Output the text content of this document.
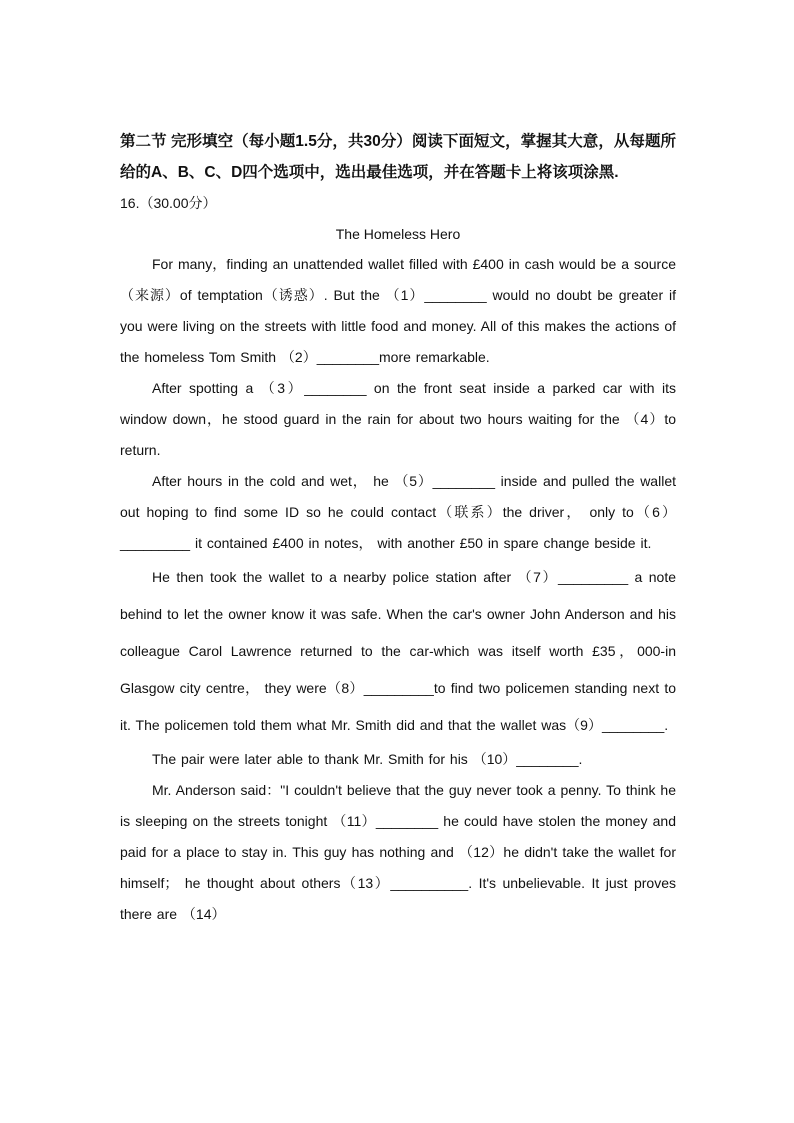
第二节 完形填空（每小题1.5分，共30分）阅读下面短文，掌握其大意，从每题所给的A、B、C、D四个选项中，选出最佳选项，并在答题卡上将该项涂黑.
16.（30.00分）
The Homeless Hero

For many，finding an unattended wallet filled with £400 in cash would be a source（来源）of temptation（诱惑）. But the （1）________ would no doubt be greater if you were living on the streets with little food and money. All of this makes the actions of the homeless Tom Smith （2）________more remarkable.

After spotting a （3）________ on the front seat inside a parked car with its window down，he stood guard in the rain for about two hours waiting for the （4）to return.

After hours in the cold and wet， he （5）________ inside and pulled the wallet out hoping to find some ID so he could contact（联系）the driver， only to（6）_________ it contained £400 in notes， with another £50 in spare change beside it.

He then took the wallet to a nearby police station after （7）_________ a note behind to let the owner know it was safe. When the car's owner John Anderson and his colleague Carol Lawrence returned to the car-which was itself worth £35，000-in Glasgow city centre， they were（8）_________to find two policemen standing next to it. The policemen told them what Mr. Smith did and that the wallet was（9）________.

The pair were later able to thank Mr. Smith for his （10）________.

Mr. Anderson said："I couldn't believe that the guy never took a penny. To think he is sleeping on the streets tonight （11）________ he could have stolen the money and paid for a place to stay in. This guy has nothing and （12）he didn't take the wallet for himself； he thought about others（13）__________. It's unbelievable. It just proves there are （14）
